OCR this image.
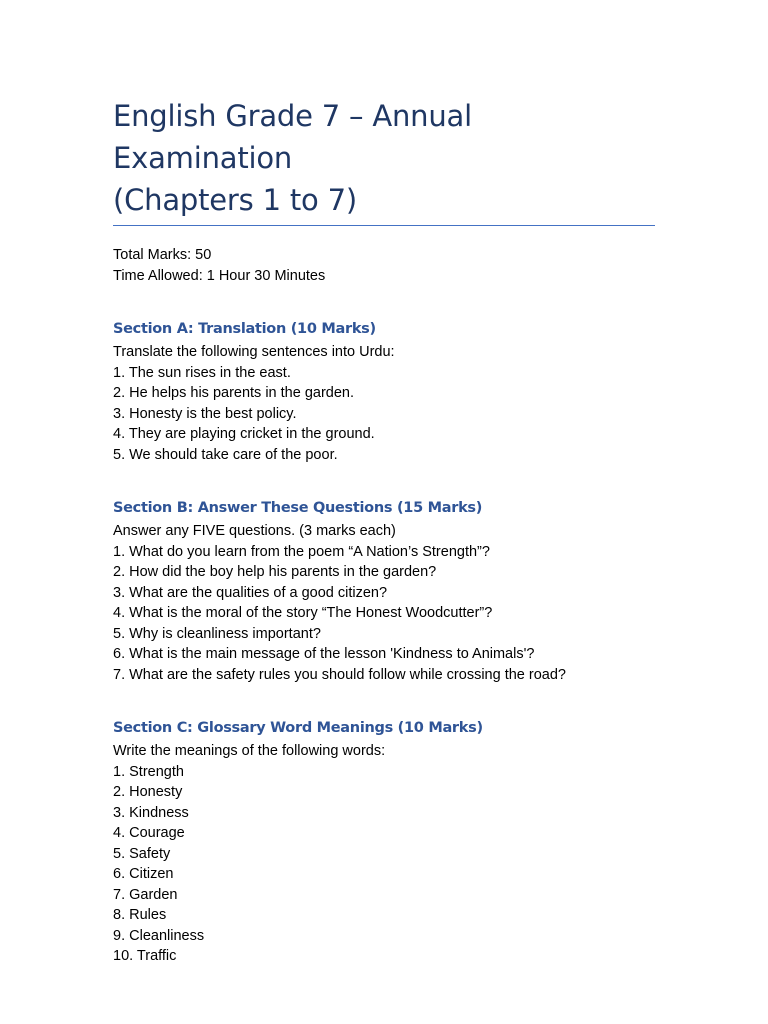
English Grade 7 – Annual Examination
(Chapters 1 to 7)
Total Marks: 50
Time Allowed: 1 Hour 30 Minutes
Section A: Translation (10 Marks)
Translate the following sentences into Urdu:
1. The sun rises in the east.
2. He helps his parents in the garden.
3. Honesty is the best policy.
4. They are playing cricket in the ground.
5. We should take care of the poor.
Section B: Answer These Questions (15 Marks)
Answer any FIVE questions. (3 marks each)
1. What do you learn from the poem “A Nation’s Strength”?
2. How did the boy help his parents in the garden?
3. What are the qualities of a good citizen?
4. What is the moral of the story “The Honest Woodcutter”?
5. Why is cleanliness important?
6. What is the main message of the lesson 'Kindness to Animals'?
7. What are the safety rules you should follow while crossing the road?
Section C: Glossary Word Meanings (10 Marks)
Write the meanings of the following words:
1. Strength
2. Honesty
3. Kindness
4. Courage
5. Safety
6. Citizen
7. Garden
8. Rules
9. Cleanliness
10. Traffic
